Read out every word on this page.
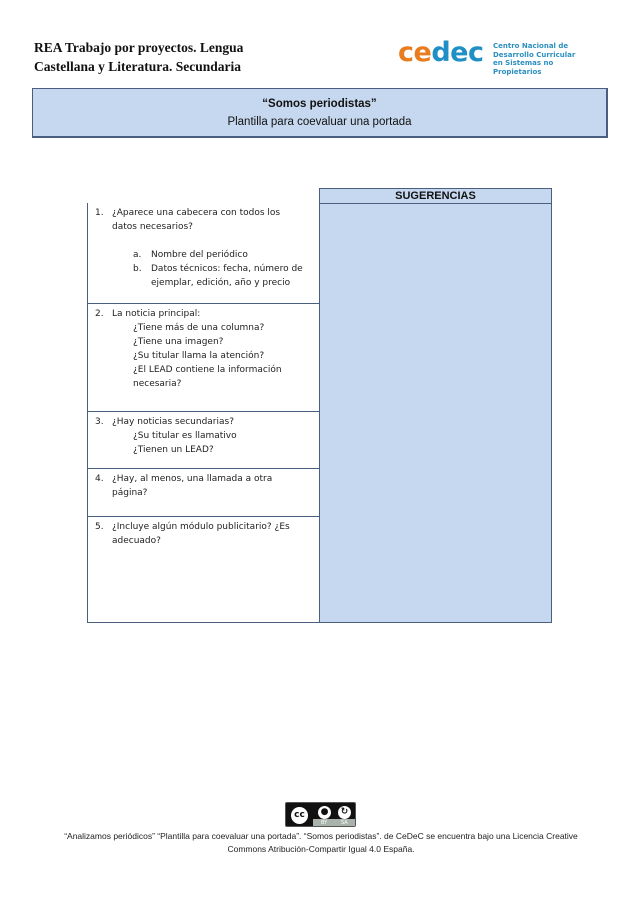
REA Trabajo por proyectos. Lengua
Castellana y Literatura. Secundaria	cedec Centro Nacional de
Desarrollo Curricular
en Sistemas no Propietarios
“Somos periodistas”
Plantilla para coevaluar una portada
SUGERENCIAS
1. ¿Aparece una cabecera con todos los
datos necesarios?
a. Nombre del periódico
b. Datos técnicos: fecha, número de
ejemplar, edición, año y precio
2. La noticia principal:
¿Tiene más de una columna?
¿Tiene una imagen?
¿Su titular llama la atención?
¿El LEAD contiene la información
necesaria?
3. ¿Hay noticias secundarias?
¿Su titular es llamativo
¿Tienen un LEAD?
4. ¿Hay, al menos, una llamada a otra
página?
5. ¿Incluye algún módulo publicitario? ¿Es
adecuado?
cc	●	↻
BY	SA
“Analizamos periódicos” “Plantilla para coevaluar una portada”. “Somos periodistas”. de CeDeC se encuentra bajo una Licencia Creative
Commons Atribución-Compartir Igual 4.0 España.
